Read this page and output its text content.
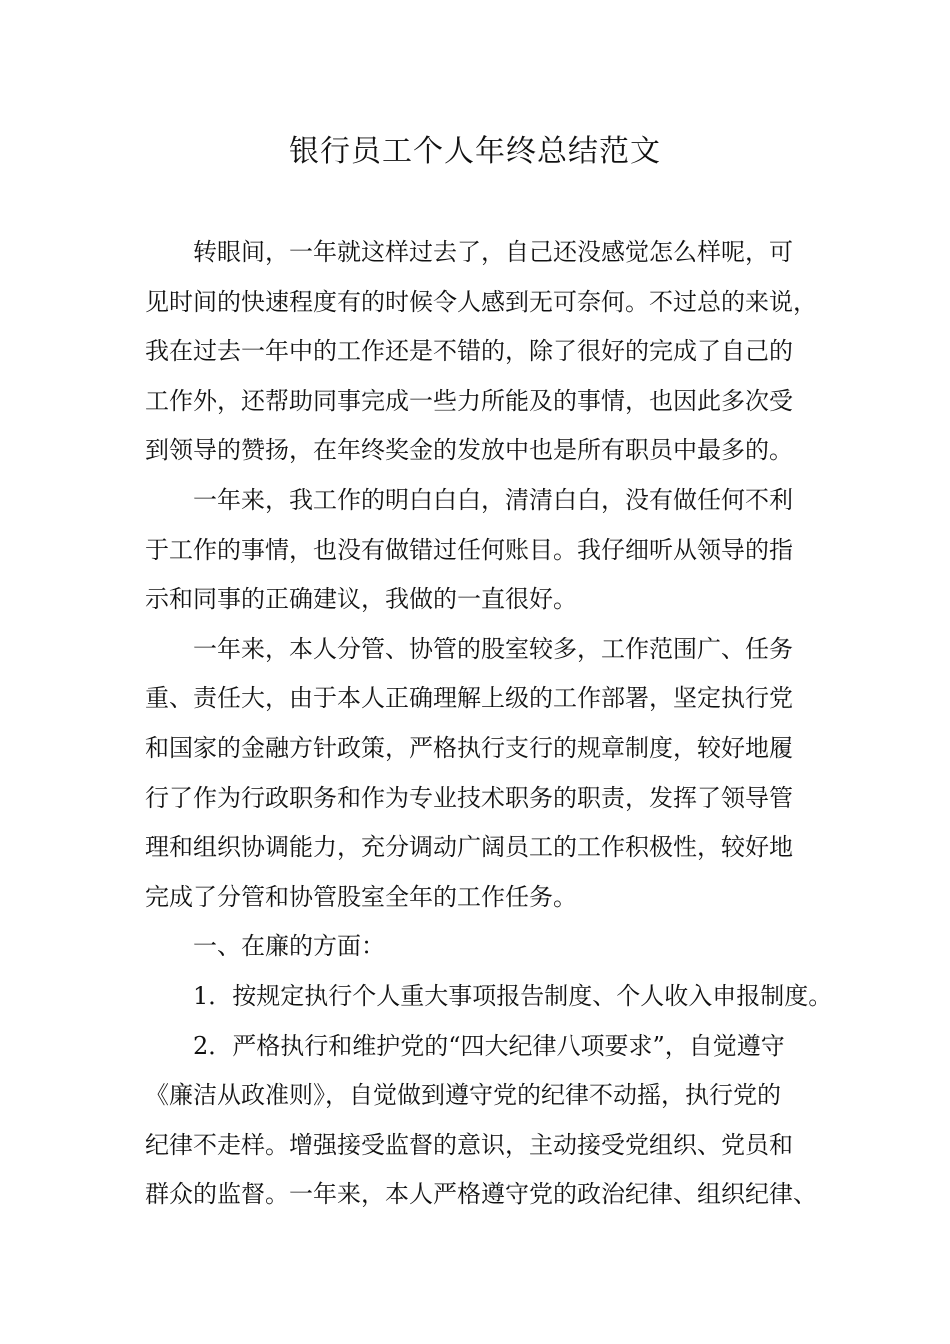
银行员工个人年终总结范文
转眼间，一年就这样过去了，自己还没感觉怎么样呢，可
见时间的快速程度有的时候令人感到无可奈何。不过总的来说，
我在过去一年中的工作还是不错的，除了很好的完成了自己的
工作外，还帮助同事完成一些力所能及的事情，也因此多次受
到领导的赞扬，在年终奖金的发放中也是所有职员中最多的。
一年来，我工作的明白白白，清清白白，没有做任何不利
于工作的事情，也没有做错过任何账目。我仔细听从领导的指
示和同事的正确建议，我做的一直很好。
一年来，本人分管、协管的股室较多，工作范围广、任务
重、责任大，由于本人正确理解上级的工作部署，坚定执行党
和国家的金融方针政策，严格执行支行的规章制度，较好地履
行了作为行政职务和作为专业技术职务的职责，发挥了领导管
理和组织协调能力，充分调动广阔员工的工作积极性，较好地
完成了分管和协管股室全年的工作任务。
一、在廉的方面：
1．按规定执行个人重大事项报告制度、个人收入申报制度。
2．严格执行和维护党的“四大纪律八项要求”，自觉遵守
《廉洁从政准则》，自觉做到遵守党的纪律不动摇，执行党的
纪律不走样。增强接受监督的意识，主动接受党组织、党员和
群众的监督。一年来，本人严格遵守党的政治纪律、组织纪律、
